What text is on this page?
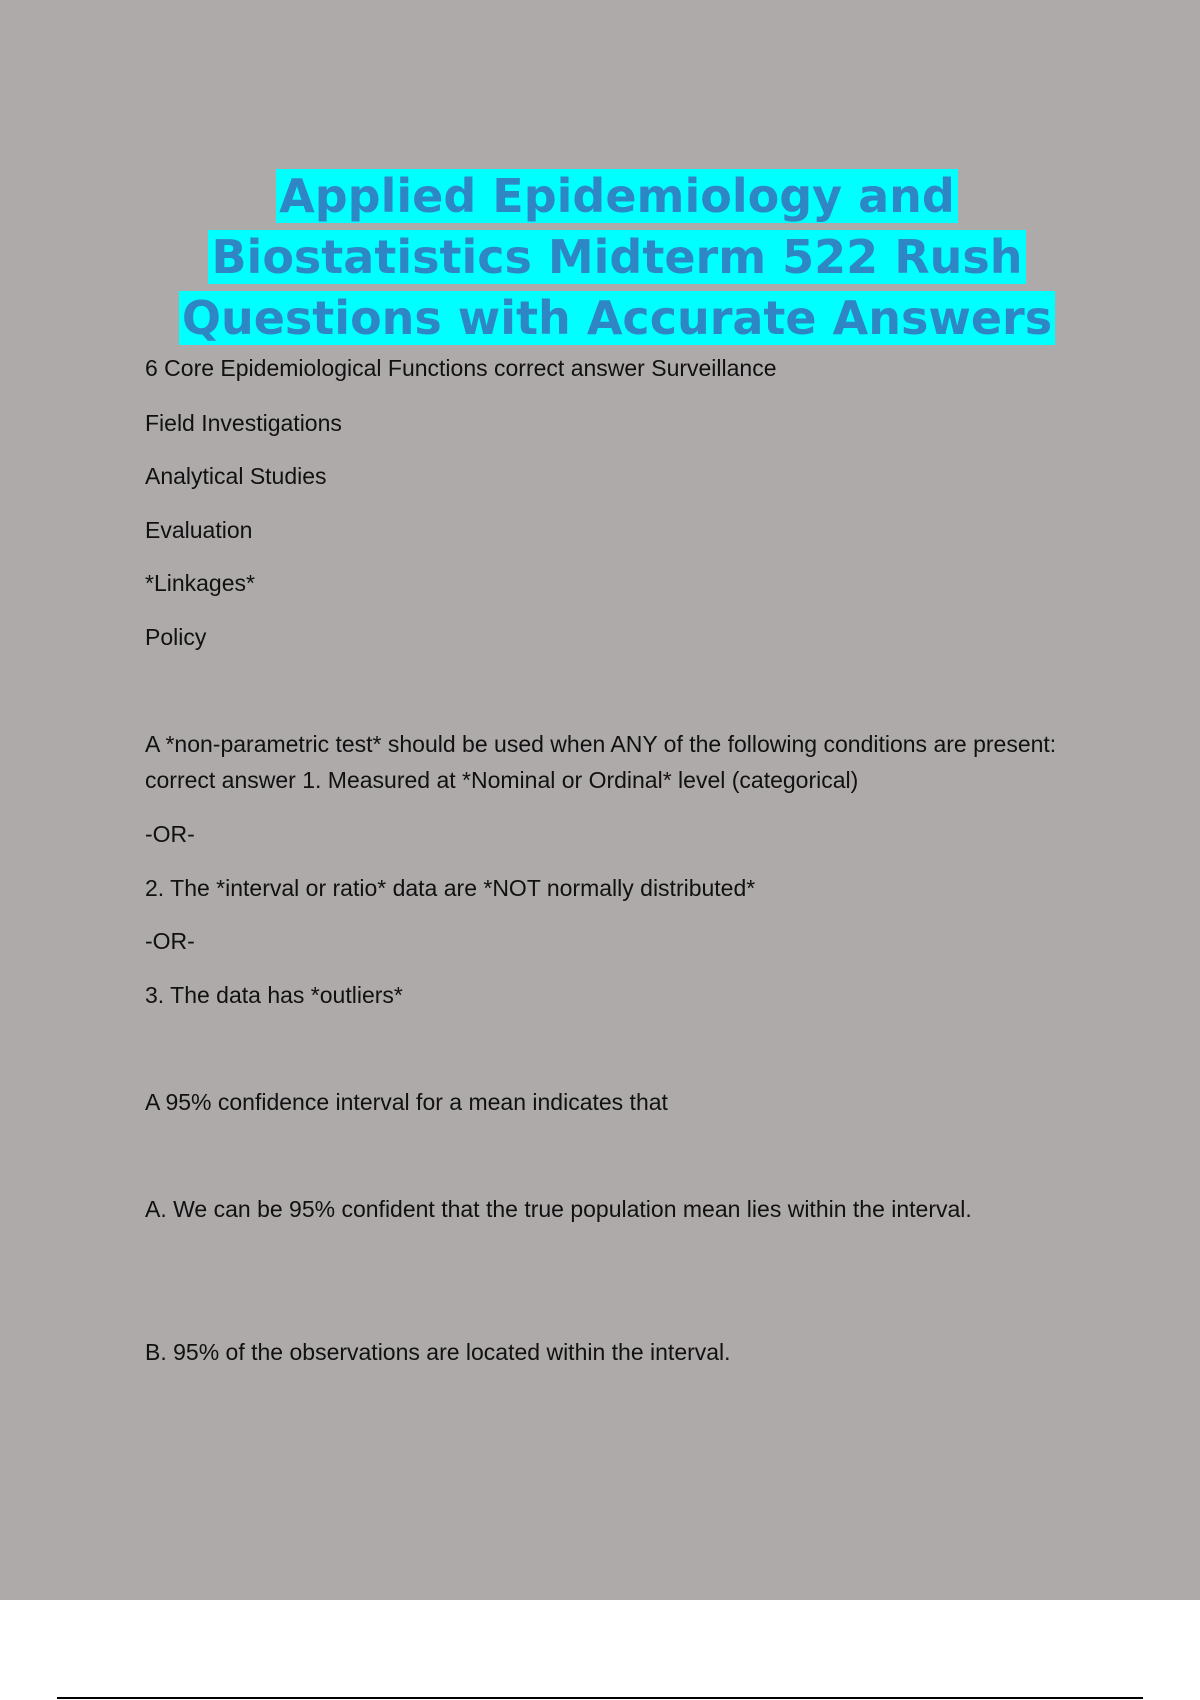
Applied Epidemiology and Biostatistics Midterm 522 Rush Questions with Accurate Answers

6 Core Epidemiological Functions correct answer Surveillance

Field Investigations

Analytical Studies

Evaluation

*Linkages*

Policy

A *non-parametric test* should be used when ANY of the following conditions are present: correct answer 1. Measured at *Nominal or Ordinal* level (categorical)

-OR-

2. The *interval or ratio* data are *NOT normally distributed*

-OR-

3. The data has *outliers*

A 95% confidence interval for a mean indicates that

A. We can be 95% confident that the true population mean lies within the interval.

B. 95% of the observations are located within the interval.
